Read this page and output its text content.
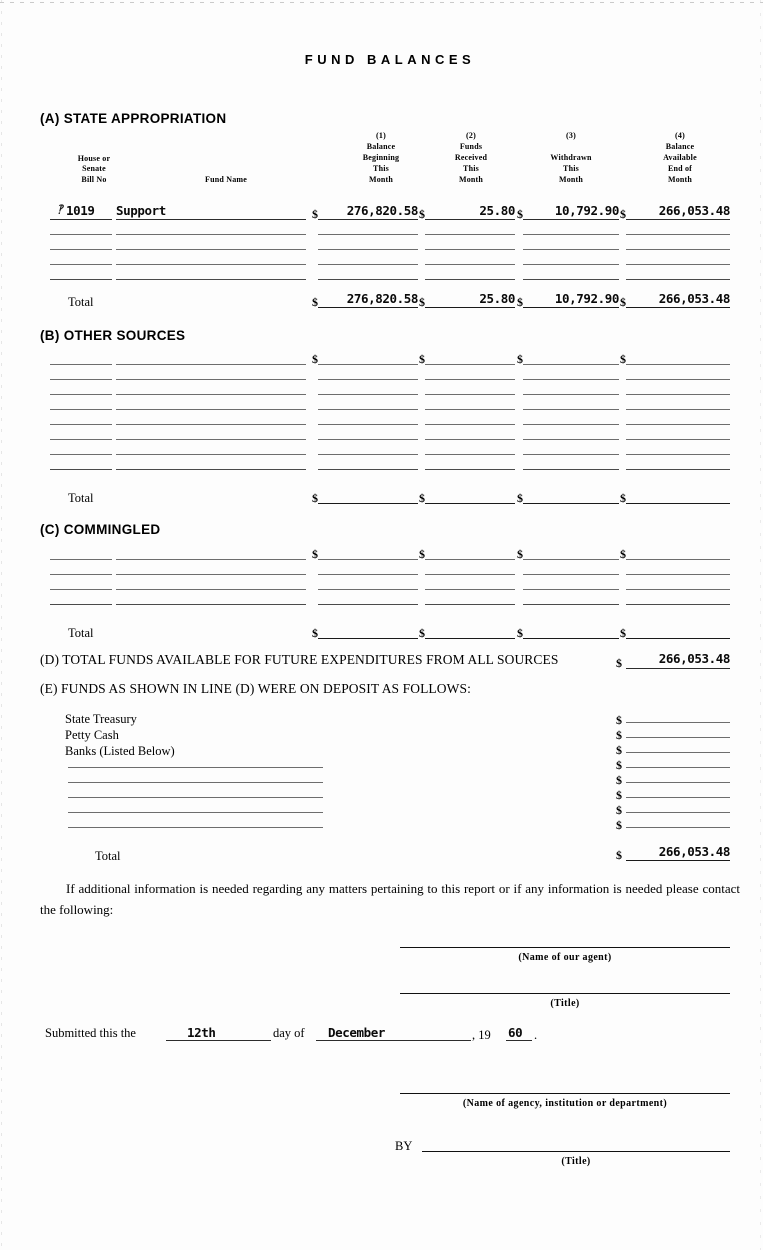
FUND BALANCES
(A) STATE APPROPRIATION
House or
Senate
Bill No	Fund Name
(1)
Balance
Beginning
This
Month
(2)
Funds
Received
This
Month
(3)
Withdrawn
This
Month
(4)
Balance
Available
End of
Month
‽ 1019 Support	$	276,820.58 $	25.80 $	10,792.90 $	266,053.48
Total	$	276,820.58 $	25.80 $	10,792.90 $	266,053.48
(B) OTHER SOURCES
$	$	$	$
Total	$	$	$	$
(C) COMMINGLED
$	$	$	$
Total	$	$	$	$
(D) TOTAL FUNDS AVAILABLE FOR FUTURE EXPENDITURES FROM ALL SOURCES	$	266,053.48
(E) FUNDS AS SHOWN IN LINE (D) WERE ON DEPOSIT AS FOLLOWS:
State Treasury
Petty Cash
Banks (Listed Below)
$
$
$
$
$
$
$
$
Total	$	266,053.48
If additional information is needed regarding any matters pertaining to this report or if any information is needed please contact the following:
(Name of our agent)
(Title)
Submitted this the	12th	day of December	, 19 60 .
(Name of agency, institution or department)
BY
(Title)
